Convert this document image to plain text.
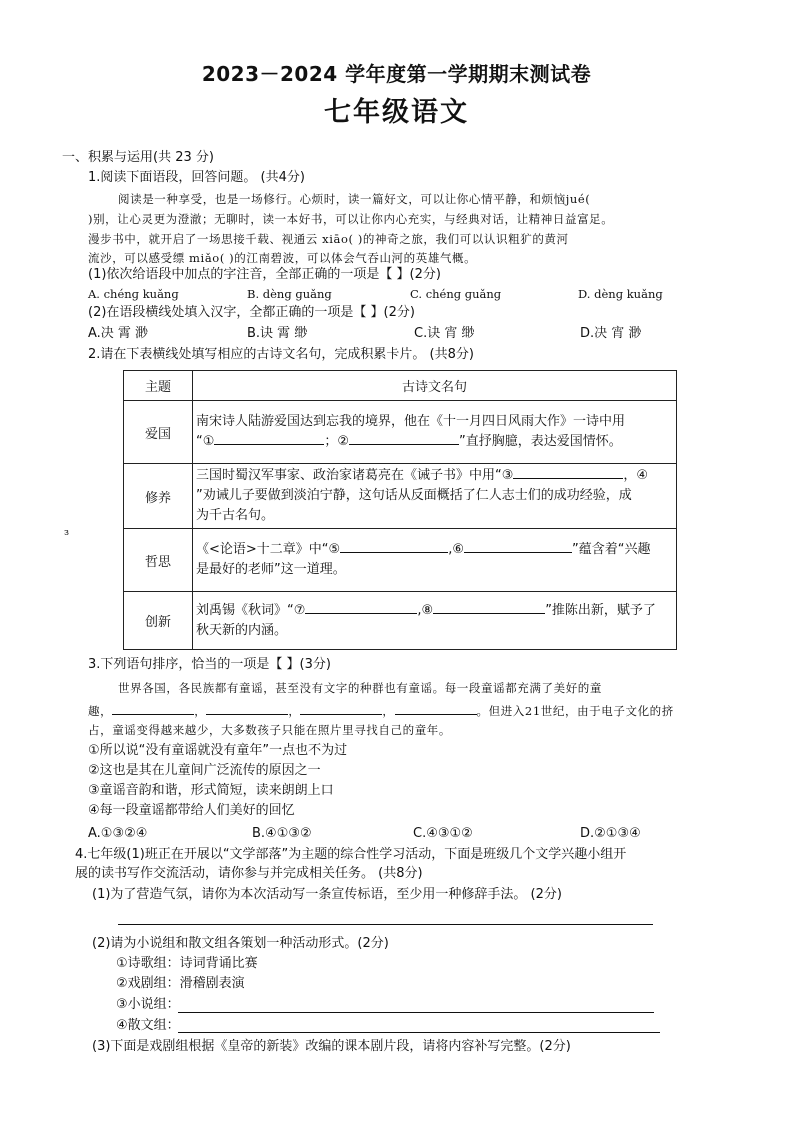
2023－2024 学年度第一学期期末测试卷
七年级语文
一、积累与运用(共 23 分)
1.阅读下面语段，回答问题。 (共4分)
阅读是一种享受，也是一场修行。心烦时，读一篇好文，可以让你心情平静，和烦恼jué(
)别，让心灵更为澄澈；无聊时，读一本好书，可以让你内心充实，与经典对话，让精神日益富足。
漫步书中，就开启了一场思接千载、视通云 xiāo( )的神奇之旅，我们可以认识粗犷的黄河
流沙，可以感受缥 miǎo( )的江南碧波，可以体会气吞山河的英雄气概。
(1)依次给语段中加点的字注音，全部正确的一项是【 】(2分)
A. chénɡ kuǎnɡ	B. dènɡ ɡuǎnɡ	C. chénɡ ɡuǎnɡ	D. dènɡ kuǎnɡ
(2)在语段横线处填入汉字，全都正确的一项是【 】(2分)
A.决 霄 渺	B.诀 霄 缈	C.诀 宵 缈	D.决 宵 渺
2.请在下表横线处填写相应的古诗文名句，完成积累卡片。 (共8分)
主题	古诗文名句
爱国	南宋诗人陆游爱国达到忘我的境界，他在《十一月四日风雨大作》一诗中用
“① ；② ”直抒胸臆，表达爱国情怀。
修养	三国时蜀汉军事家、政治家诸葛亮在《诫子书》中用“③ ，④
”劝诫儿子要做到淡泊宁静，这句话从反面概括了仁人志士们的成功经验，成
为千古名句。
哲思	《<论语>十二章》中“⑤ ,⑥ ”蕴含着“兴趣
是最好的老师”这一道理。
创新	刘禹锡《秋词》“⑦ ,⑧ ”推陈出新，赋予了
秋天新的内涵。
з
3.下列语句排序，恰当的一项是【 】(3分)
世界各国，各民族都有童谣，甚至没有文字的种群也有童谣。每一段童谣都充满了美好的童
趣，	，	，	，	。但进入21世纪，由于电子文化的挤
占，童谣变得越来越少，大多数孩子只能在照片里寻找自己的童年。
①所以说“没有童谣就没有童年”一点也不为过
②这也是其在儿童间广泛流传的原因之一
③童谣音韵和谐，形式简短，读来朗朗上口
④每一段童谣都带给人们美好的回忆
A.①③②④	B.④①③②	C.④③①②	D.②①③④
4.七年级(1)班正在开展以“文学部落”为主题的综合性学习活动，下面是班级几个文学兴趣小组开
展的读书写作交流活动，请你参与并完成相关任务。 (共8分)
(1)为了营造气氛，请你为本次活动写一条宣传标语，至少用一种修辞手法。 (2分)
(2)请为小说组和散文组各策划一种活动形式。(2分)
①诗歌组：诗词背诵比赛
②戏剧组：滑稽剧表演
③小说组：
④散文组：
(3)下面是戏剧组根据《皇帝的新装》改编的课本剧片段，请将内容补写完整。(2分)
